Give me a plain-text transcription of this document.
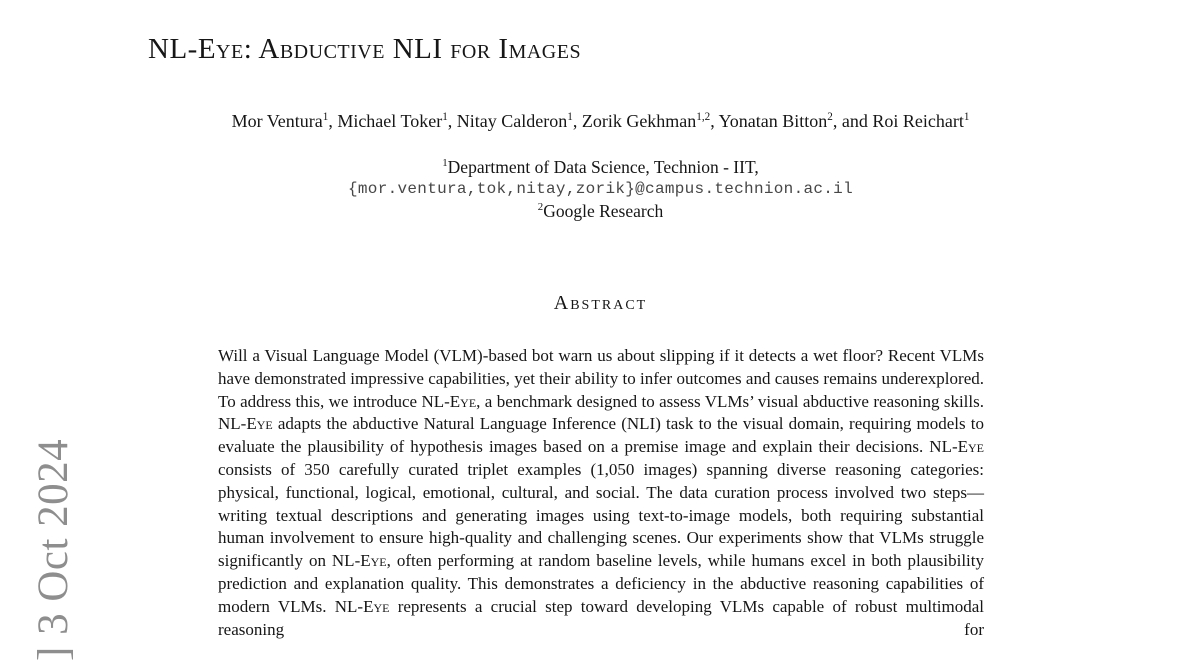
] 3 Oct 2024
NL-Eye: Abductive NLI for Images
Mor Ventura$^1$, Michael Toker$^1$, Nitay Calderon$^1$, Zorik Gekhman$^{1,2}$, Yonatan Bitton$^2$, and Roi Reichart$^1$
$^1$Department of Data Science, Technion - IIT,
{mor.ventura,tok,nitay,zorik}@campus.technion.ac.il
$^2$Google Research
Abstract

Will a Visual Language Model (VLM)-based bot warn us about slipping if it detects a wet floor? Recent VLMs have demonstrated impressive capabilities, yet their ability to infer outcomes and causes remains underexplored. To address this, we introduce NL-Eye, a benchmark designed to assess VLMs’ visual abductive reasoning skills. NL-Eye adapts the abductive Natural Language Inference (NLI) task to the visual domain, requiring models to evaluate the plausibility of hypothesis images based on a premise image and explain their decisions. NL-Eye consists of 350 carefully curated triplet examples (1,050 images) spanning diverse reasoning categories: physical, functional, logical, emotional, cultural, and social. The data curation process involved two steps—writing textual descriptions and generating images using text-to-image models, both requiring substantial human involvement to ensure high-quality and challenging scenes. Our experiments show that VLMs struggle significantly on NL-Eye, often performing at random baseline levels, while humans excel in both plausibility prediction and explanation quality. This demonstrates a deficiency in the abductive reasoning capabilities of modern VLMs. NL-Eye represents a crucial step toward developing VLMs capable of robust multimodal reasoning for
